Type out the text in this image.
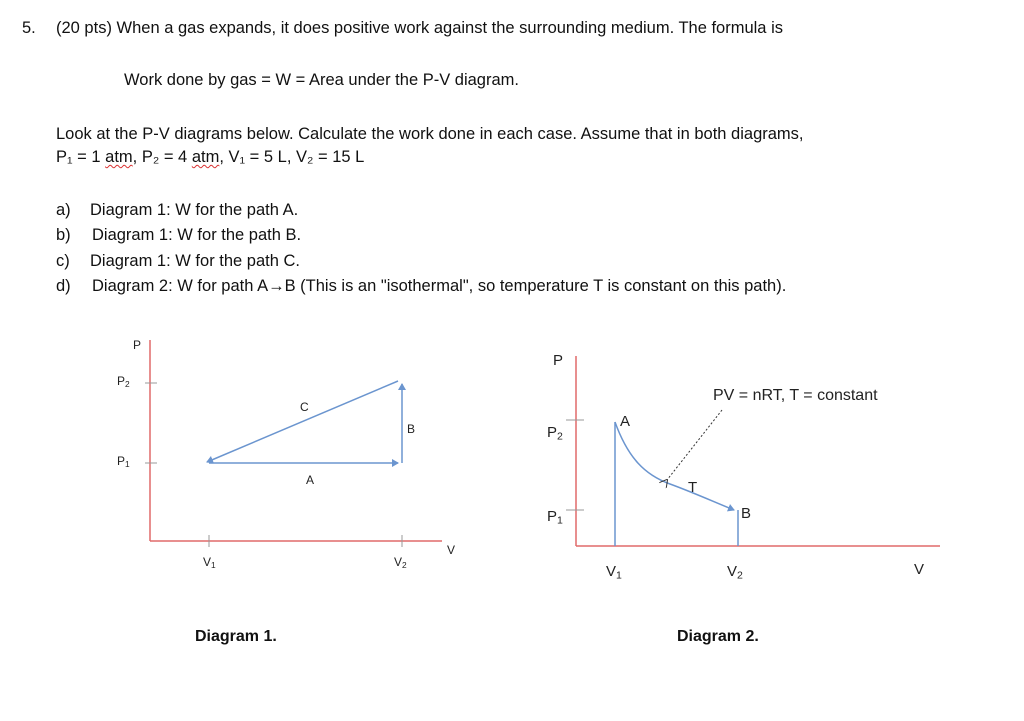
5. (20 pts) When a gas expands, it does positive work against the surrounding medium. The formula is
Work done by gas = W = Area under the P-V diagram.
Look at the P-V diagrams below. Calculate the work done in each case. Assume that in both diagrams,
P₁ = 1 atm, P₂ = 4 atm, V₁ = 5 L, V₂ = 15 L
a) Diagram 1: W for the path A.
b) Diagram 1: W for the path B.
c) Diagram 1: W for the path C.
d) Diagram 2: W for path A→B (This is an "isothermal", so temperature T is constant on this path).
P
$P_2$
$P_1$
$V_1$	$V_2$
V
A
B
C
Diagram 1.
P
$P_2$
$P_1$
$V_1$	$V_2$	V
A
B
T
PV = nRT, T = constant
Diagram 2.
